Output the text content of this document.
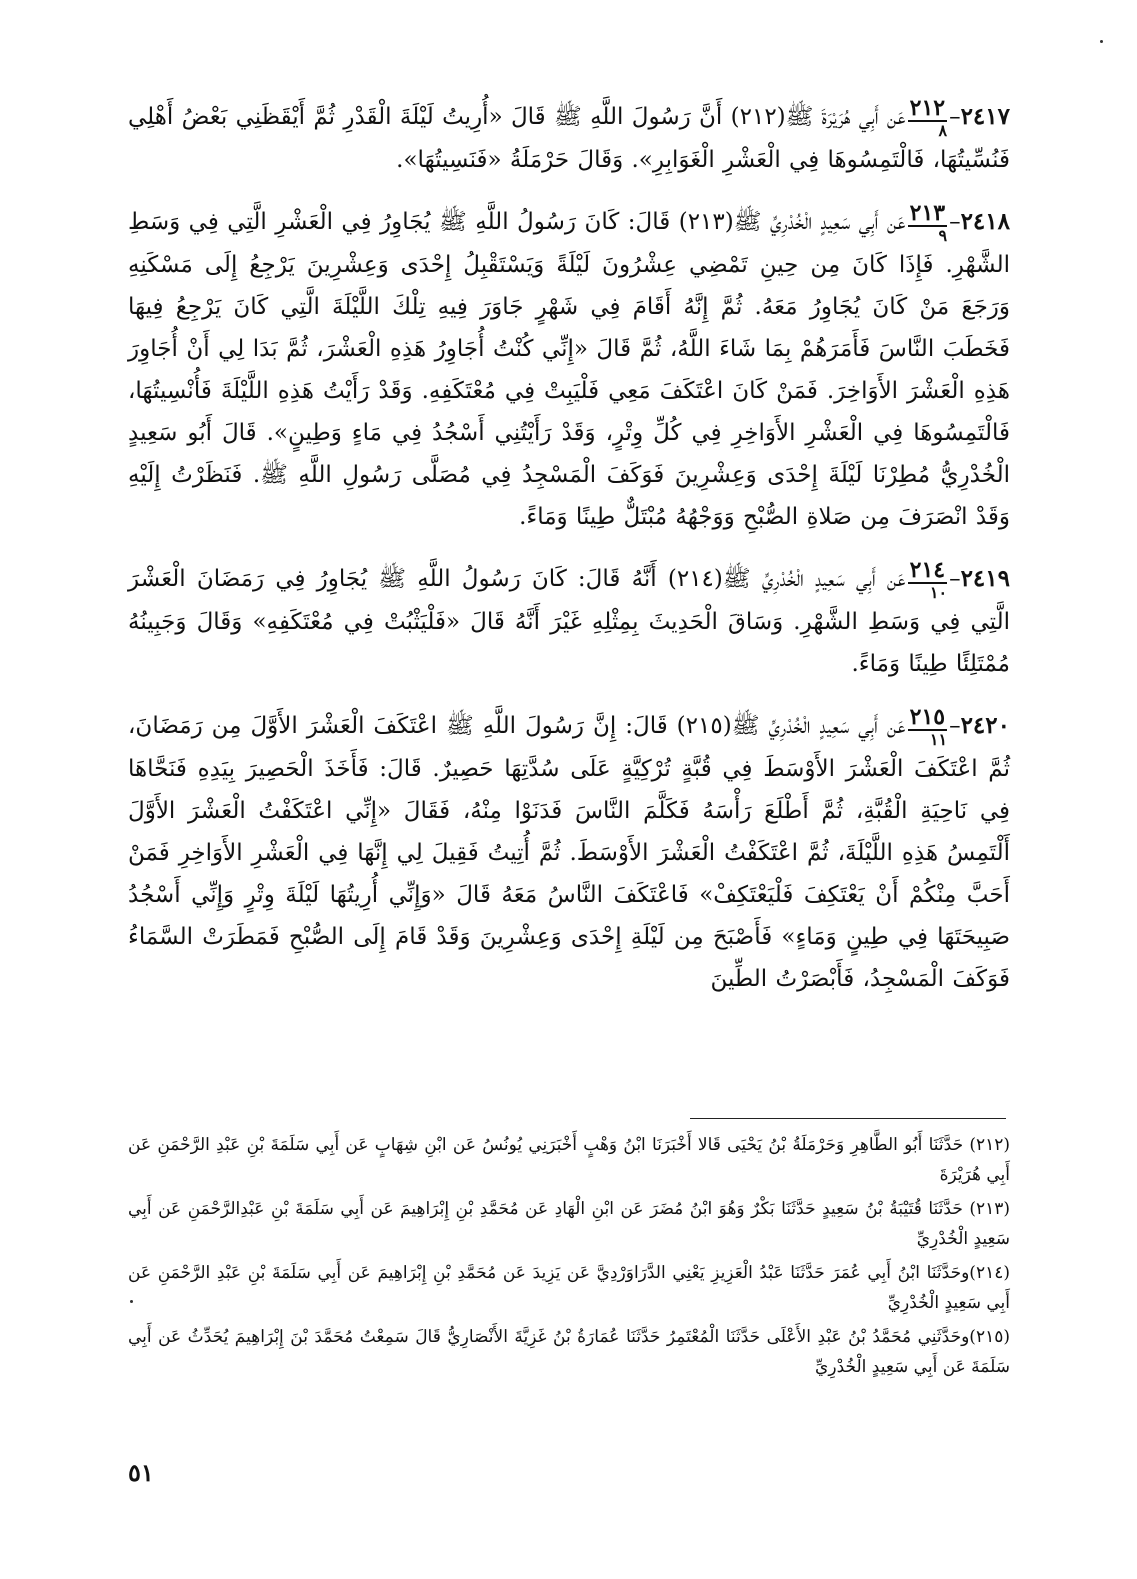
٢٤١٧–
٢١٢
٨
عَن أَبِي هُرَيْرَةَ ﷺ(٢١٢) أَنَّ رَسُولَ اللَّهِ ﷺ قَالَ «أُرِيتُ لَيْلَةَ الْقَدْرِ ثُمَّ أَيْقَظَنِي بَعْضُ أَهْلِي فَنُسِّيتُهَا، فَالْتَمِسُوهَا فِي الْعَشْرِ الْغَوَابِرِ». وَقَالَ حَرْمَلَةُ «فَنَسِيتُهَا».

٢٤١٨–
٢١٣
٩
عَن أَبِي سَعِيدٍ الْخُدْرِيِّ ﷺ(٢١٣) قَالَ: كَانَ رَسُولُ اللَّهِ ﷺ يُجَاوِرُ فِي الْعَشْرِ الَّتِي فِي وَسَطِ الشَّهْرِ. فَإِذَا كَانَ مِن حِينِ تَمْضِي عِشْرُونَ لَيْلَةً وَيَسْتَقْبِلُ إِحْدَى وَعِشْرِينَ يَرْجِعُ إِلَى مَسْكَنِهِ وَرَجَعَ مَنْ كَانَ يُجَاوِرُ مَعَهُ. ثُمَّ إِنَّهُ أَقَامَ فِي شَهْرٍ جَاوَرَ فِيهِ تِلْكَ اللَّيْلَةَ الَّتِي كَانَ يَرْجِعُ فِيهَا فَخَطَبَ النَّاسَ فَأَمَرَهُمْ بِمَا شَاءَ اللَّهُ، ثُمَّ قَالَ «إِنِّي كُنْتُ أُجَاوِرُ هَذِهِ الْعَشْرَ، ثُمَّ بَدَا لِي أَنْ أُجَاوِرَ هَذِهِ الْعَشْرَ الأَوَاخِرَ. فَمَنْ كَانَ اعْتَكَفَ مَعِي فَلْيَبِتْ فِي مُعْتَكَفِهِ. وَقَدْ رَأَيْتُ هَذِهِ اللَّيْلَةَ فَأُنْسِيتُهَا، فَالْتَمِسُوهَا فِي الْعَشْرِ الأَوَاخِرِ فِي كُلِّ وِتْرٍ، وَقَدْ رَأَيْتُنِي أَسْجُدُ فِي مَاءٍ وَطِينٍ». قَالَ أَبُو سَعِيدٍ الْخُدْرِيُّ مُطِرْنَا لَيْلَةَ إِحْدَى وَعِشْرِينَ فَوَكَفَ الْمَسْجِدُ فِي مُصَلَّى رَسُولِ اللَّهِ ﷺ. فَنَظَرْتُ إِلَيْهِ وَقَدْ انْصَرَفَ مِن صَلاةِ الصُّبْحِ وَوَجْهُهُ مُبْتَلٌّ طِينًا وَمَاءً.

٢٤١٩–
٢١٤
١٠
عَن أَبِي سَعِيدٍ الْخُدْرِيِّ ﷺ(٢١٤) أَنَّهُ قَالَ: كَانَ رَسُولُ اللَّهِ ﷺ يُجَاوِرُ فِي رَمَضَانَ الْعَشْرَ الَّتِي فِي وَسَطِ الشَّهْرِ. وَسَاقَ الْحَدِيثَ بِمِثْلِهِ غَيْرَ أَنَّهُ قَالَ «فَلْيَثْبُتْ فِي مُعْتَكَفِهِ» وَقَالَ وَجَبِينُهُ مُمْتَلِئًا طِينًا وَمَاءً.

٢٤٢٠–
٢١٥
١١
عَن أَبِي سَعِيدٍ الْخُدْرِيِّ ﷺ(٢١٥) قَالَ: إِنَّ رَسُولَ اللَّهِ ﷺ اعْتَكَفَ الْعَشْرَ الأَوَّلَ مِن رَمَضَانَ، ثُمَّ اعْتَكَفَ الْعَشْرَ الأَوْسَطَ فِي قُبَّةٍ تُرْكِيَّةٍ عَلَى سُدَّتِهَا حَصِيرٌ. قَالَ: فَأَخَذَ الْحَصِيرَ بِيَدِهِ فَنَحَّاهَا فِي نَاحِيَةِ الْقُبَّةِ، ثُمَّ أَطْلَعَ رَأْسَهُ فَكَلَّمَ النَّاسَ فَدَنَوْا مِنْهُ، فَقَالَ «إِنِّي اعْتَكَفْتُ الْعَشْرَ الأَوَّلَ أَلْتَمِسُ هَذِهِ اللَّيْلَةَ، ثُمَّ اعْتَكَفْتُ الْعَشْرَ الأَوْسَطَ. ثُمَّ أُتِيتُ فَقِيلَ لِي إِنَّهَا فِي الْعَشْرِ الأَوَاخِرِ فَمَنْ أَحَبَّ مِنْكُمْ أَنْ يَعْتَكِفَ فَلْيَعْتَكِفْ» فَاعْتَكَفَ النَّاسُ مَعَهُ قَالَ «وَإِنِّي أُرِيتُهَا لَيْلَةَ وِتْرٍ وَإِنِّي أَسْجُدُ صَبِيحَتَهَا فِي طِينٍ وَمَاءٍ» فَأَصْبَحَ مِن لَيْلَةِ إِحْدَى وَعِشْرِينَ وَقَدْ قَامَ إِلَى الصُّبْحِ فَمَطَرَتْ السَّمَاءُ فَوَكَفَ الْمَسْجِدُ، فَأَبْصَرْتُ الطِّينَ

(٢١٢) حَدَّثَنَا أَبُو الطَّاهِرِ وَحَرْمَلَةُ بْنُ يَحْيَى قَالا أَخْبَرَنَا ابْنُ وَهْبٍ أَخْبَرَنِي يُونُسُ عَن ابْنِ شِهَابٍ عَن أَبِي سَلَمَةَ بْنِ عَبْدِ الرَّحْمَنِ عَن أَبِي هُرَيْرَةَ

(٢١٣) حَدَّثَنَا قُتَيْبَةُ بْنُ سَعِيدٍ حَدَّثَنَا بَكْرٌ وَهُوَ ابْنُ مُضَرَ عَن ابْنِ الْهَادِ عَن مُحَمَّدِ بْنِ إِبْرَاهِيمَ عَن أَبِي سَلَمَةَ بْنِ عَبْدِالرَّحْمَنِ عَن أَبِي سَعِيدٍ الْخُدْرِيِّ

(٢١٤)وحَدَّثَنَا ابْنُ أَبِي عُمَرَ حَدَّثَنَا عَبْدُ الْعَزِيزِ يَعْنِي الدَّرَاوَرْدِيَّ عَن يَزِيدَ عَن مُحَمَّدِ بْنِ إِبْرَاهِيمَ عَن أَبِي سَلَمَةَ بْنِ عَبْدِ الرَّحْمَنِ عَن أَبِي سَعِيدٍ الْخُدْرِيِّ

(٢١٥)وحَدَّثَنِي مُحَمَّدُ بْنُ عَبْدِ الأَعْلَى حَدَّثَنَا الْمُعْتَمِرُ حَدَّثَنَا عُمَارَةُ بْنُ غَزِيَّةَ الأَنْصَارِيُّ قَالَ سَمِعْتُ مُحَمَّدَ بْنَ إِبْرَاهِيمَ يُحَدِّثُ عَن أَبِي سَلَمَةَ عَن أَبِي سَعِيدٍ الْخُدْرِيِّ

٥١
